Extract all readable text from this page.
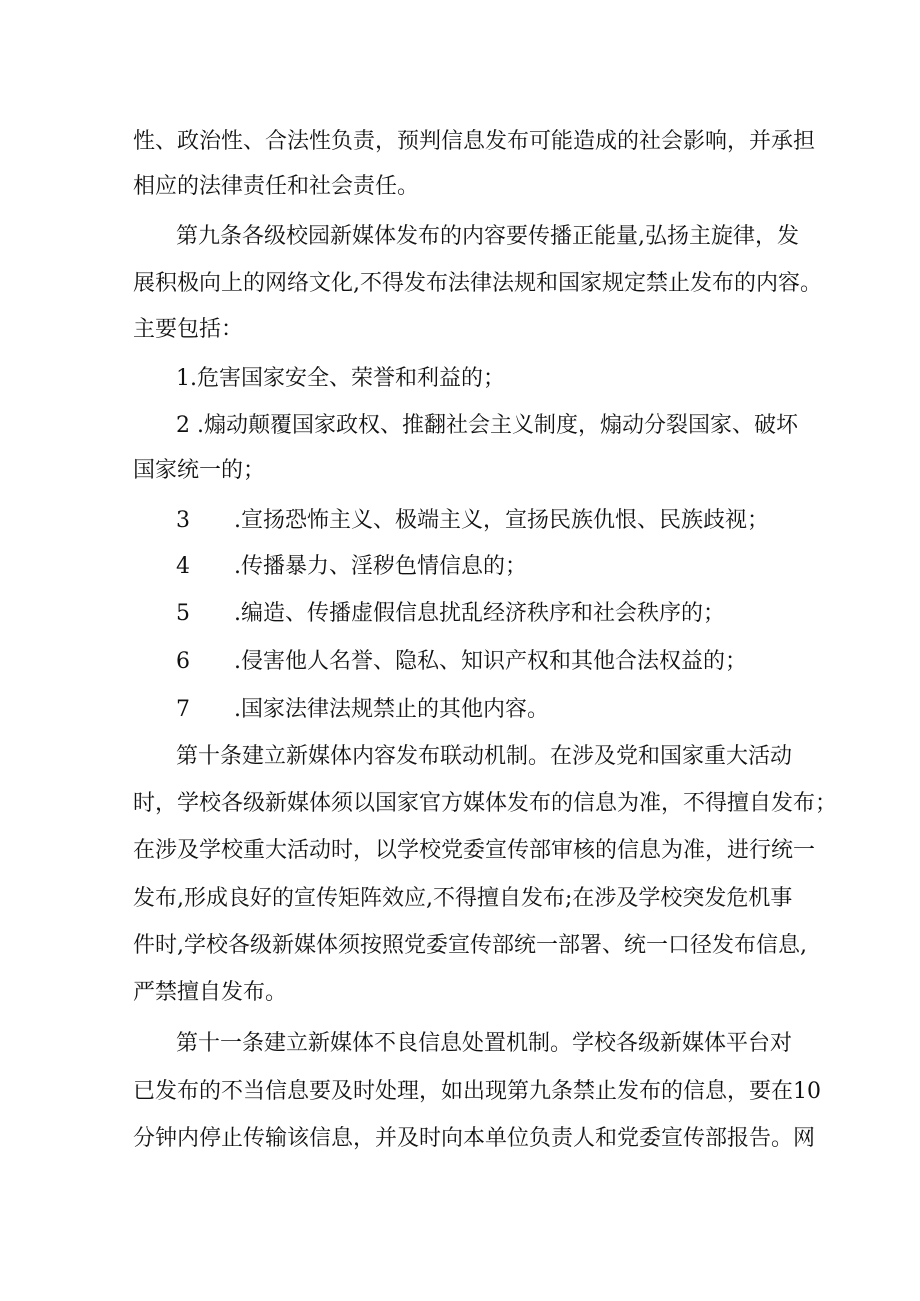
性、政治性、合法性负责，预判信息发布可能造成的社会影响，并承担
相应的法律责任和社会责任。
第九条各级校园新媒体发布的内容要传播正能量,弘扬主旋律，发
展积极向上的网络文化,不得发布法律法规和国家规定禁止发布的内容。
主要包括：
1.危害国家安全、荣誉和利益的；
2 .煽动颠覆国家政权、推翻社会主义制度，煽动分裂国家、破坏
国家统一的；
3 .宣扬恐怖主义、极端主义，宣扬民族仇恨、民族歧视；
4 .传播暴力、淫秽色情信息的；
5 .编造、传播虚假信息扰乱经济秩序和社会秩序的；
6 .侵害他人名誉、隐私、知识产权和其他合法权益的；
7 .国家法律法规禁止的其他内容。
第十条建立新媒体内容发布联动机制。在涉及党和国家重大活动
时，学校各级新媒体须以国家官方媒体发布的信息为准，不得擅自发布；
在涉及学校重大活动时，以学校党委宣传部审核的信息为准，进行统一
发布,形成良好的宣传矩阵效应,不得擅自发布;在涉及学校突发危机事
件时,学校各级新媒体须按照党委宣传部统一部署、统一口径发布信息,
严禁擅自发布。
第十一条建立新媒体不良信息处置机制。学校各级新媒体平台对
已发布的不当信息要及时处理，如出现第九条禁止发布的信息，要在10
分钟内停止传输该信息，并及时向本单位负责人和党委宣传部报告。网
